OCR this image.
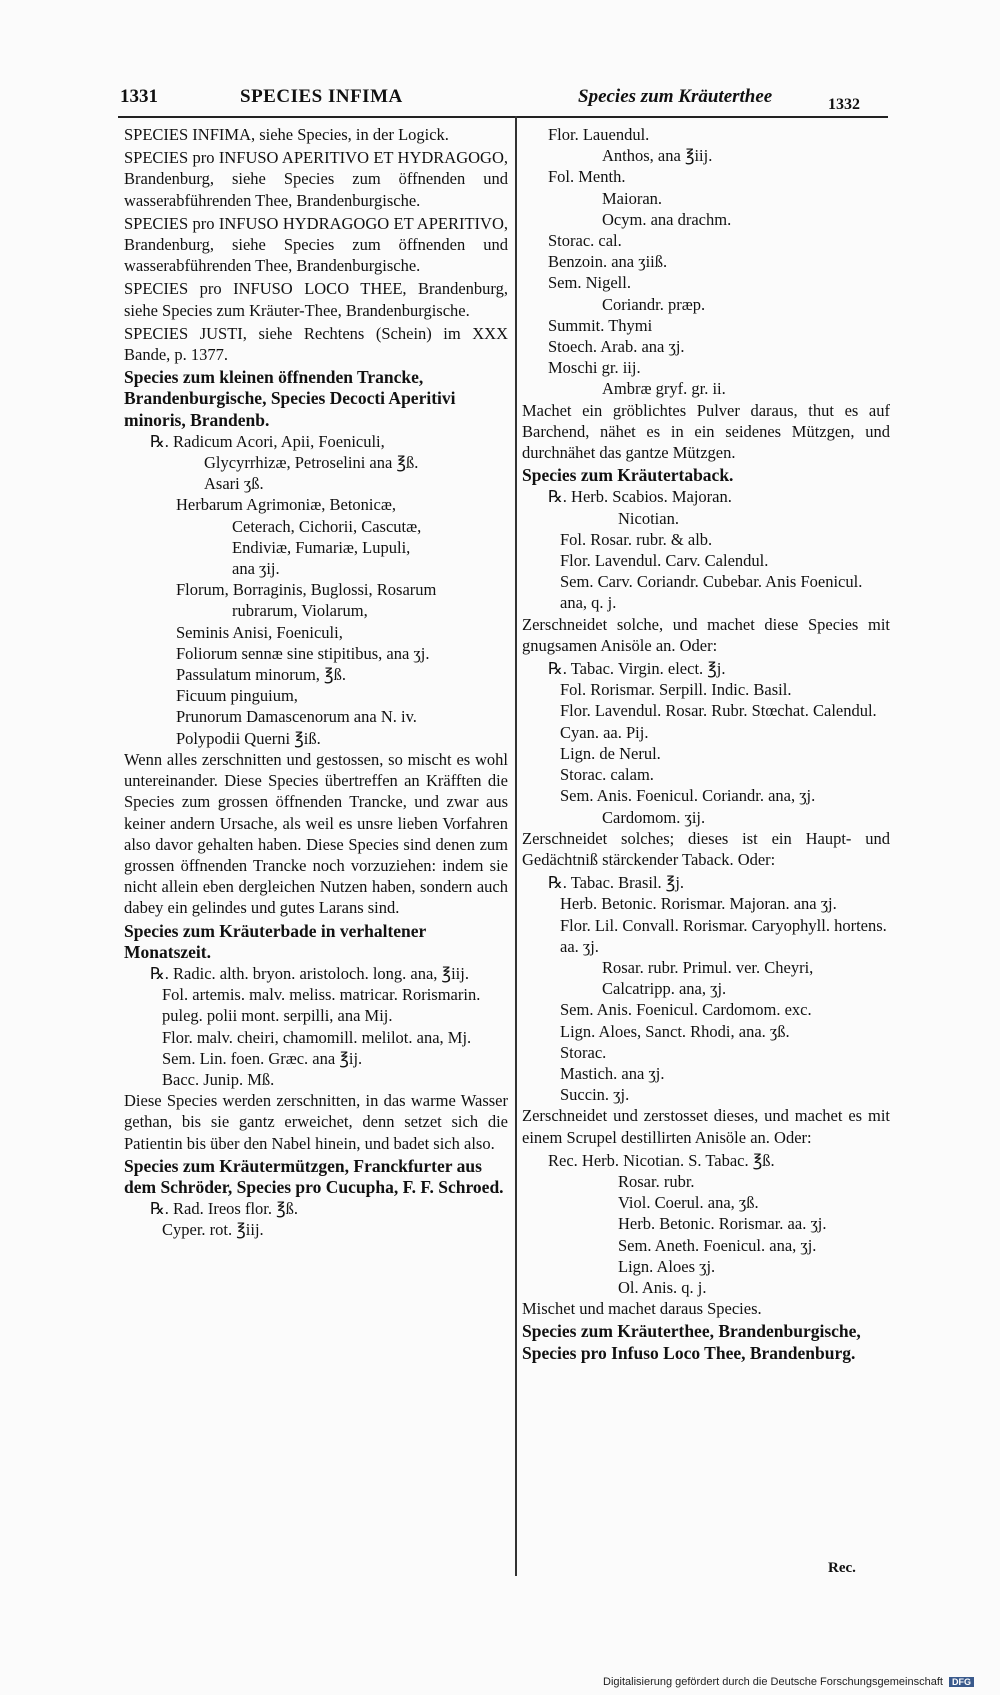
1331	SPECIES INFIMA	Species zum Kräuterthee	1332

SPECIES INFIMA, siehe Species, in der Logick.

SPECIES pro INFUSO APERITIVO ET HYDRAGOGO, Brandenburg, siehe Species zum öffnenden und wasserabführenden Thee, Brandenburgische.

SPECIES pro INFUSO HYDRAGOGO ET APERITIVO, Brandenburg, siehe Species zum öffnenden und wasserabführenden Thee, Brandenburgische.

SPECIES pro INFUSO LOCO THEE, Brandenburg, siehe Species zum Kräuter-Thee, Brandenburgische.

SPECIES JUSTI, siehe Rechtens (Schein) im XXX Bande, p. 1377.

Species zum kleinen öffnenden Trancke, Brandenburgische, Species Decocti Aperitivi minoris, Brandenb.

℞. Radicum Acori, Apii, Foeniculi,

Glycyrrhizæ, Petroselini ana ℥ß.

Asari ʒß.

Herbarum Agrimoniæ, Betonicæ,

Ceterach, Cichorii, Cascutæ,

Endiviæ, Fumariæ, Lupuli,

ana ʒij.

Florum, Borraginis, Buglossi, Rosarum

rubrarum, Violarum,

Seminis Anisi, Foeniculi,

Foliorum sennæ sine stipitibus, ana ʒj.

Passulatum minorum, ℥ß.

Ficuum pinguium,

Prunorum Damascenorum ana N. iv.

Polypodii Querni ℥iß.

Wenn alles zerschnitten und gestossen, so mischt es wohl untereinander. Diese Species übertreffen an Kräfften die Species zum grossen öffnenden Trancke, und zwar aus keiner andern Ursache, als weil es unsre lieben Vorfahren also davor gehalten haben. Diese Species sind denen zum grossen öffnenden Trancke noch vorzuziehen: indem sie nicht allein eben dergleichen Nutzen haben, sondern auch dabey ein gelindes und gutes Larans sind.

Species zum Kräuterbade in verhaltener Monatszeit.

℞. Radic. alth. bryon. aristoloch. long. ana, ℥iij.

Fol. artemis. malv. meliss. matricar. Rorismarin. puleg. polii mont. serpilli, ana Mij.

Flor. malv. cheiri, chamomill. melilot. ana, Mj.

Sem. Lin. foen. Græc. ana ℥ij.

Bacc. Junip. Mß.

Diese Species werden zerschnitten, in das warme Wasser gethan, bis sie gantz erweichet, denn setzet sich die Patientin bis über den Nabel hinein, und badet sich also.

Species zum Kräutermützgen, Franckfurter aus dem Schröder, Species pro Cucupha, F. F. Schroed.

℞. Rad. Ireos flor. ℥ß.

Cyper. rot. ℥iij.

Flor. Lauendul.

Anthos, ana ℥iij.

Fol. Menth.

Maioran.

Ocym. ana drachm.

Storac. cal.

Benzoin. ana ʒiiß.

Sem. Nigell.

Coriandr. præp.

Summit. Thymi

Stoech. Arab. ana ʒj.

Moschi gr. iij.

Ambræ gryf. gr. ii.

Machet ein gröblichtes Pulver daraus, thut es auf Barchend, nähet es in ein seidenes Mützgen, und durchnähet das gantze Mützgen.

Species zum Kräutertaback.

℞. Herb. Scabios. Majoran.

Nicotian.

Fol. Rosar. rubr. & alb.

Flor. Lavendul. Carv. Calendul.

Sem. Carv. Coriandr. Cubebar. Anis Foenicul. ana, q. j.

Zerschneidet solche, und machet diese Species mit gnugsamen Anisöle an. Oder:

℞. Tabac. Virgin. elect. ℥j.

Fol. Rorismar. Serpill. Indic. Basil.

Flor. Lavendul. Rosar. Rubr. Stœchat. Calendul. Cyan. aa. Pij.

Lign. de Nerul.

Storac. calam.

Sem. Anis. Foenicul. Coriandr. ana, ʒj.

Cardomom. ʒij.

Zerschneidet solches; dieses ist ein Haupt- und Gedächtniß stärckender Taback. Oder:

℞. Tabac. Brasil. ℥j.

Herb. Betonic. Rorismar. Majoran. ana ʒj.

Flor. Lil. Convall. Rorismar. Caryophyll. hortens. aa. ʒj.

Rosar. rubr. Primul. ver. Cheyri, Calcatripp. ana, ʒj.

Sem. Anis. Foenicul. Cardomom. exc.

Lign. Aloes, Sanct. Rhodi, ana. ʒß.

Storac.

Mastich. ana ʒj.

Succin. ʒj.

Zerschneidet und zerstosset dieses, und machet es mit einem Scrupel destillirten Anisöle an. Oder:

Rec. Herb. Nicotian. S. Tabac. ℥ß.

Rosar. rubr.

Viol. Coerul. ana, ʒß.

Herb. Betonic. Rorismar. aa. ʒj.

Sem. Aneth. Foenicul. ana, ʒj.

Lign. Aloes ʒj.

Ol. Anis. q. j.

Mischet und machet daraus Species.

Species zum Kräuterthee, Brandenburgische, Species pro Infuso Loco Thee, Brandenburg.

Rec.
Digitalisierung gefördert durch die Deutsche Forschungsgemeinschaft DFG
